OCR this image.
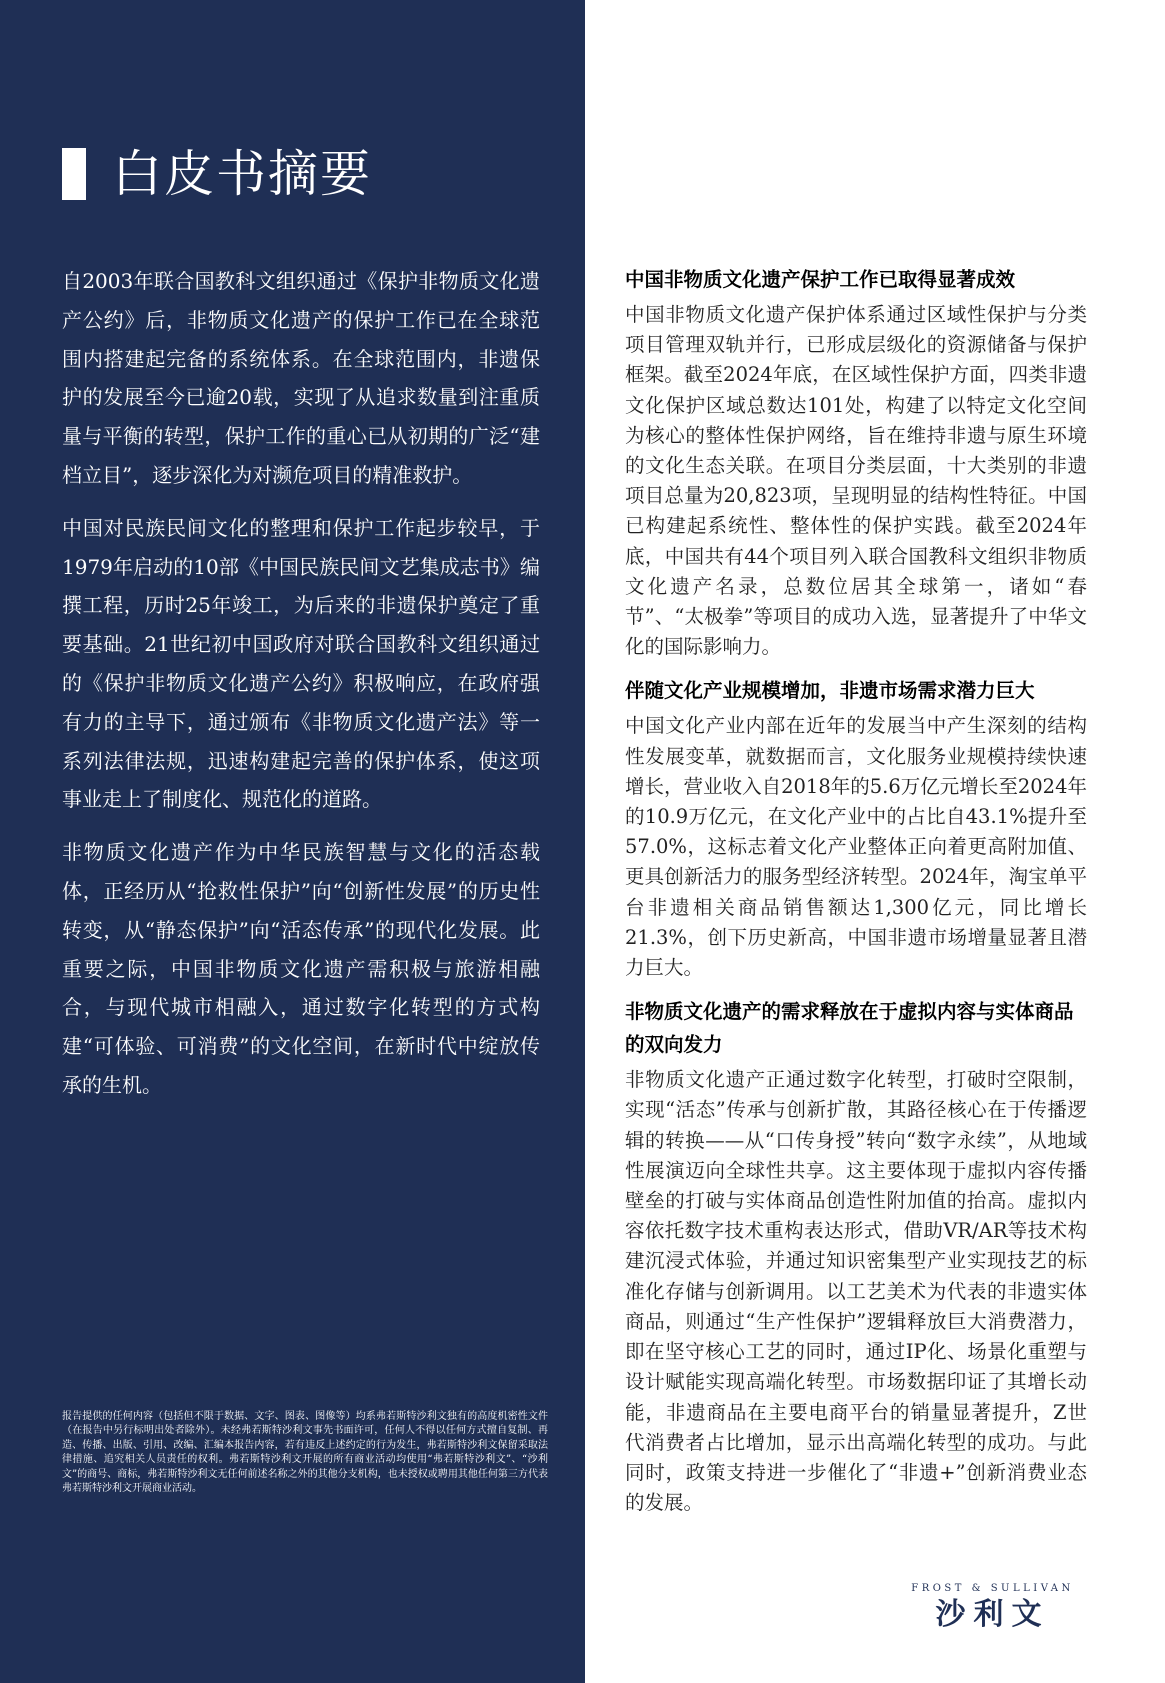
白皮书摘要

自2003年联合国教科文组织通过《保护非物质文化遗产公约》后，非物质文化遗产的保护工作已在全球范围内搭建起完备的系统体系。在全球范围内，非遗保护的发展至今已逾20载，实现了从追求数量到注重质量与平衡的转型，保护工作的重心已从初期的广泛“建档立目”，逐步深化为对濒危项目的精准救护。

中国对民族民间文化的整理和保护工作起步较早，于1979年启动的10部《中国民族民间文艺集成志书》编撰工程，历时25年竣工，为后来的非遗保护奠定了重要基础。21世纪初中国政府对联合国教科文组织通过的《保护非物质文化遗产公约》积极响应，在政府强有力的主导下，通过颁布《非物质文化遗产法》等一系列法律法规，迅速构建起完善的保护体系，使这项事业走上了制度化、规范化的道路。

非物质文化遗产作为中华民族智慧与文化的活态载体，正经历从“抢救性保护”向“创新性发展”的历史性转变，从“静态保护”向“活态传承”的现代化发展。此重要之际，中国非物质文化遗产需积极与旅游相融合，与现代城市相融入，通过数字化转型的方式构建“可体验、可消费”的文化空间，在新时代中绽放传承的生机。

报告提供的任何内容（包括但不限于数据、文字、图表、图像等）均系弗若斯特沙利文独有的高度机密性文件（在报告中另行标明出处者除外）。未经弗若斯特沙利文事先书面许可，任何人不得以任何方式擅自复制、再造、传播、出版、引用、改编、汇编本报告内容，若有违反上述约定的行为发生，弗若斯特沙利文保留采取法律措施、追究相关人员责任的权利。弗若斯特沙利文开展的所有商业活动均使用“弗若斯特沙利文”、“沙利文”的商号、商标，弗若斯特沙利文无任何前述名称之外的其他分支机构，也未授权或聘用其他任何第三方代表弗若斯特沙利文开展商业活动。
中国非物质文化遗产保护工作已取得显著成效
中国非物质文化遗产保护体系通过区域性保护与分类项目管理双轨并行，已形成层级化的资源储备与保护框架。截至2024年底，在区域性保护方面，四类非遗文化保护区域总数达101处，构建了以特定文化空间为核心的整体性保护网络，旨在维持非遗与原生环境的文化生态关联。在项目分类层面，十大类别的非遗项目总量为20,823项，呈现明显的结构性特征。中国已构建起系统性、整体性的保护实践。截至2024年底，中国共有44个项目列入联合国教科文组织非物质文化遗产名录，总数位居其全球第一，诸如“春节”、“太极拳”等项目的成功入选，显著提升了中华文化的国际影响力。
伴随文化产业规模增加，非遗市场需求潜力巨大
中国文化产业内部在近年的发展当中产生深刻的结构性发展变革，就数据而言，文化服务业规模持续快速增长，营业收入自2018年的5.6万亿元增长至2024年的10.9万亿元，在文化产业中的占比自43.1%提升至57.0%，这标志着文化产业整体正向着更高附加值、更具创新活力的服务型经济转型。2024年，淘宝单平台非遗相关商品销售额达1,300亿元，同比增长21.3%，创下历史新高，中国非遗市场增量显著且潜力巨大。
非物质文化遗产的需求释放在于虚拟内容与实体商品的双向发力
非物质文化遗产正通过数字化转型，打破时空限制，实现“活态”传承与创新扩散，其路径核心在于传播逻辑的转换——从“口传身授”转向“数字永续”，从地域性展演迈向全球性共享。这主要体现于虚拟内容传播壁垒的打破与实体商品创造性附加值的抬高。虚拟内容依托数字技术重构表达形式，借助VR/AR等技术构建沉浸式体验，并通过知识密集型产业实现技艺的标准化存储与创新调用。以工艺美术为代表的非遗实体商品，则通过“生产性保护”逻辑释放巨大消费潜力，即在坚守核心工艺的同时，通过IP化、场景化重塑与设计赋能实现高端化转型。市场数据印证了其增长动能，非遗商品在主要电商平台的销量显著提升，Z世代消费者占比增加，显示出高端化转型的成功。与此同时，政策支持进一步催化了“非遗+”创新消费业态的发展。
FROST & SULLIVAN
沙利文
